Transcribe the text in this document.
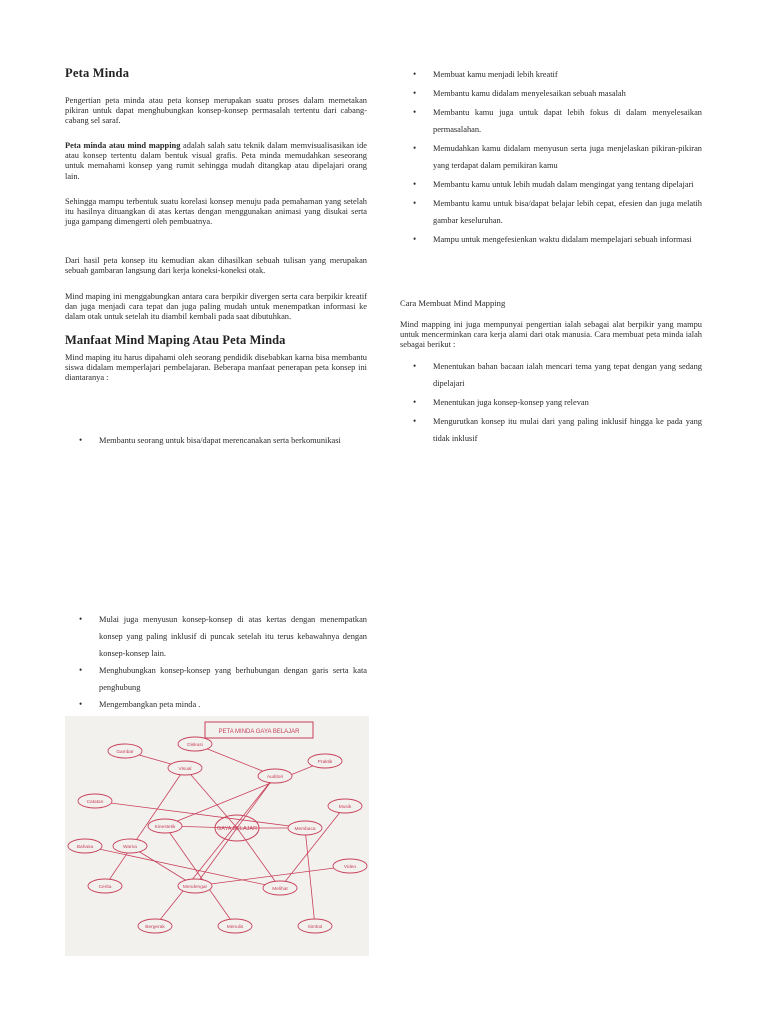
Peta Minda

Pengertian peta minda atau peta konsep merupakan suatu proses dalam memetakan pikiran untuk dapat menghubungkan konsep-konsep permasalah tertentu dari cabang-cabang sel saraf.

Peta minda atau mind mapping adalah salah satu teknik dalam memvisualisasikan ide atau konsep tertentu dalam bentuk visual grafis. Peta minda memudahkan seseorang untuk memahami konsep yang rumit sehingga mudah ditangkap atau dipelajari orang lain.

Sehingga mampu terbentuk suatu korelasi konsep menuju pada pemahaman yang setelah itu hasilnya dituangkan di atas kertas dengan menggunakan animasi yang disukai serta juga gampang dimengerti oleh pembuatnya.

Dari hasil peta konsep itu kemudian akan dihasilkan sebuah tulisan yang merupakan sebuah gambaran langsung dari kerja koneksi-koneksi otak.

Mind maping ini menggabungkan antara cara berpikir divergen serta cara berpikir kreatif dan juga menjadi cara tepat dan juga paling mudah untuk menempatkan informasi ke dalam otak untuk setelah itu diambil kembali pada saat dibutuhkan.

Manfaat Mind Maping Atau Peta Minda

Mind maping itu harus dipahami oleh seorang pendidik disebabkan karna bisa membantu siswa didalam memperlajari pembelajaran. Beberapa manfaat penerapan peta konsep ini diantaranya :

• Membantu seorang untuk bisa/dapat merencanakan serta berkomunikasi
• Mulai juga menyusun konsep-konsep di atas kertas dengan menempatkan konsep yang paling inklusif di puncak setelah itu terus kebawahnya dengan konsep-konsep lain.
• Menghubungkan konsep-konsep yang berhubungan dengan garis serta kata penghubung
• Mengembangkan peta minda .
PETA MINDA GAYA BELAJAR
Visual
Auditori
Kinestetik	Membaca
Mendengar	Melihat
Gambar
Diskusi
Praktik
Catatan
Warna
Musik
Cerita
Bergerak	Menulis	Simbol
Video
Bahasa
GAYA BELAJAR
• Membuat kamu menjadi lebih kreatif
• Membantu kamu didalam menyelesaikan sebuah masalah
• Membantu kamu juga untuk dapat lebih fokus di dalam menyelesaikan permasalahan.
• Memudahkan kamu didalam menyusun serta juga menjelaskan pikiran-pikiran yang terdapat dalam pemikiran kamu
• Membantu kamu untuk lebih mudah dalam mengingat yang tentang dipelajari
• Membantu kamu untuk bisa/dapat belajar lebih cepat, efesien dan juga melatih gambar keseluruhan.
• Mampu untuk mengefesienkan waktu didalam mempelajari sebuah informasi

Cara Membuat Mind Mapping

Mind mapping ini juga mempunyai pengertian ialah sebagai alat berpikir yang mampu untuk mencerminkan cara kerja alami dari otak manusia. Cara membuat peta minda ialah sebagai berikut :

• Menentukan bahan bacaan ialah mencari tema yang tepat dengan yang sedang dipelajari
• Menentukan juga konsep-konsep yang relevan
• Mengurutkan konsep itu mulai dari yang paling inklusif hingga ke pada yang tidak inklusif
